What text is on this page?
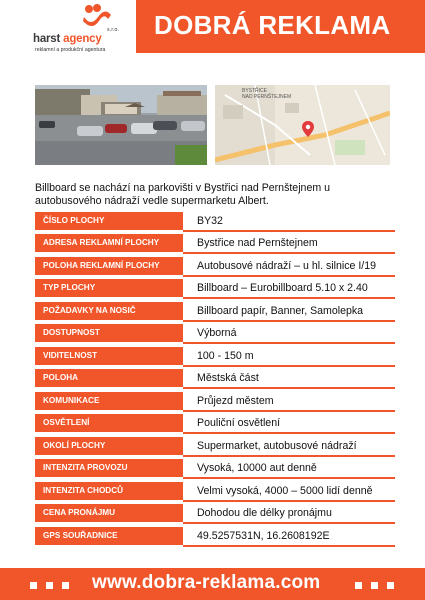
s.r.o.
harst agency
reklamní a produkční agentura
DOBRÁ REKLAMA
BYSTŘICE
NAD PERNŠTEJNEM
Billboard se nachází na parkovišti v Bystřici nad Pernštejnem u autobusového nádraží vedle supermarketu Albert.
ČÍSLO PLOCHY	BY32
ADRESA REKLAMNÍ PLOCHY	Bystřice nad Pernštejnem
POLOHA REKLAMNÍ PLOCHY	Autobusové nádraží – u hl. silnice I/19
TYP PLOCHY	Billboard – Eurobillboard 5.10 x 2.40
POŽADAVKY NA NOSIČ	Billboard papír, Banner, Samolepka
DOSTUPNOST	Výborná
VIDITELNOST	100 - 150 m
POLOHA	Městská část
KOMUNIKACE	Průjezd městem
OSVĚTLENÍ	Pouliční osvětlení
OKOLÍ PLOCHY	Supermarket, autobusové nádraží
INTENZITA PROVOZU	Vysoká, 10000 aut denně
INTENZITA CHODCŮ	Velmi vysoká, 4000 – 5000 lidí denně
CENA PRONÁJMU	Dohodou dle délky pronájmu
GPS SOUŘADNICE	49.5257531N, 16.2608192E
www.dobra-reklama.com
